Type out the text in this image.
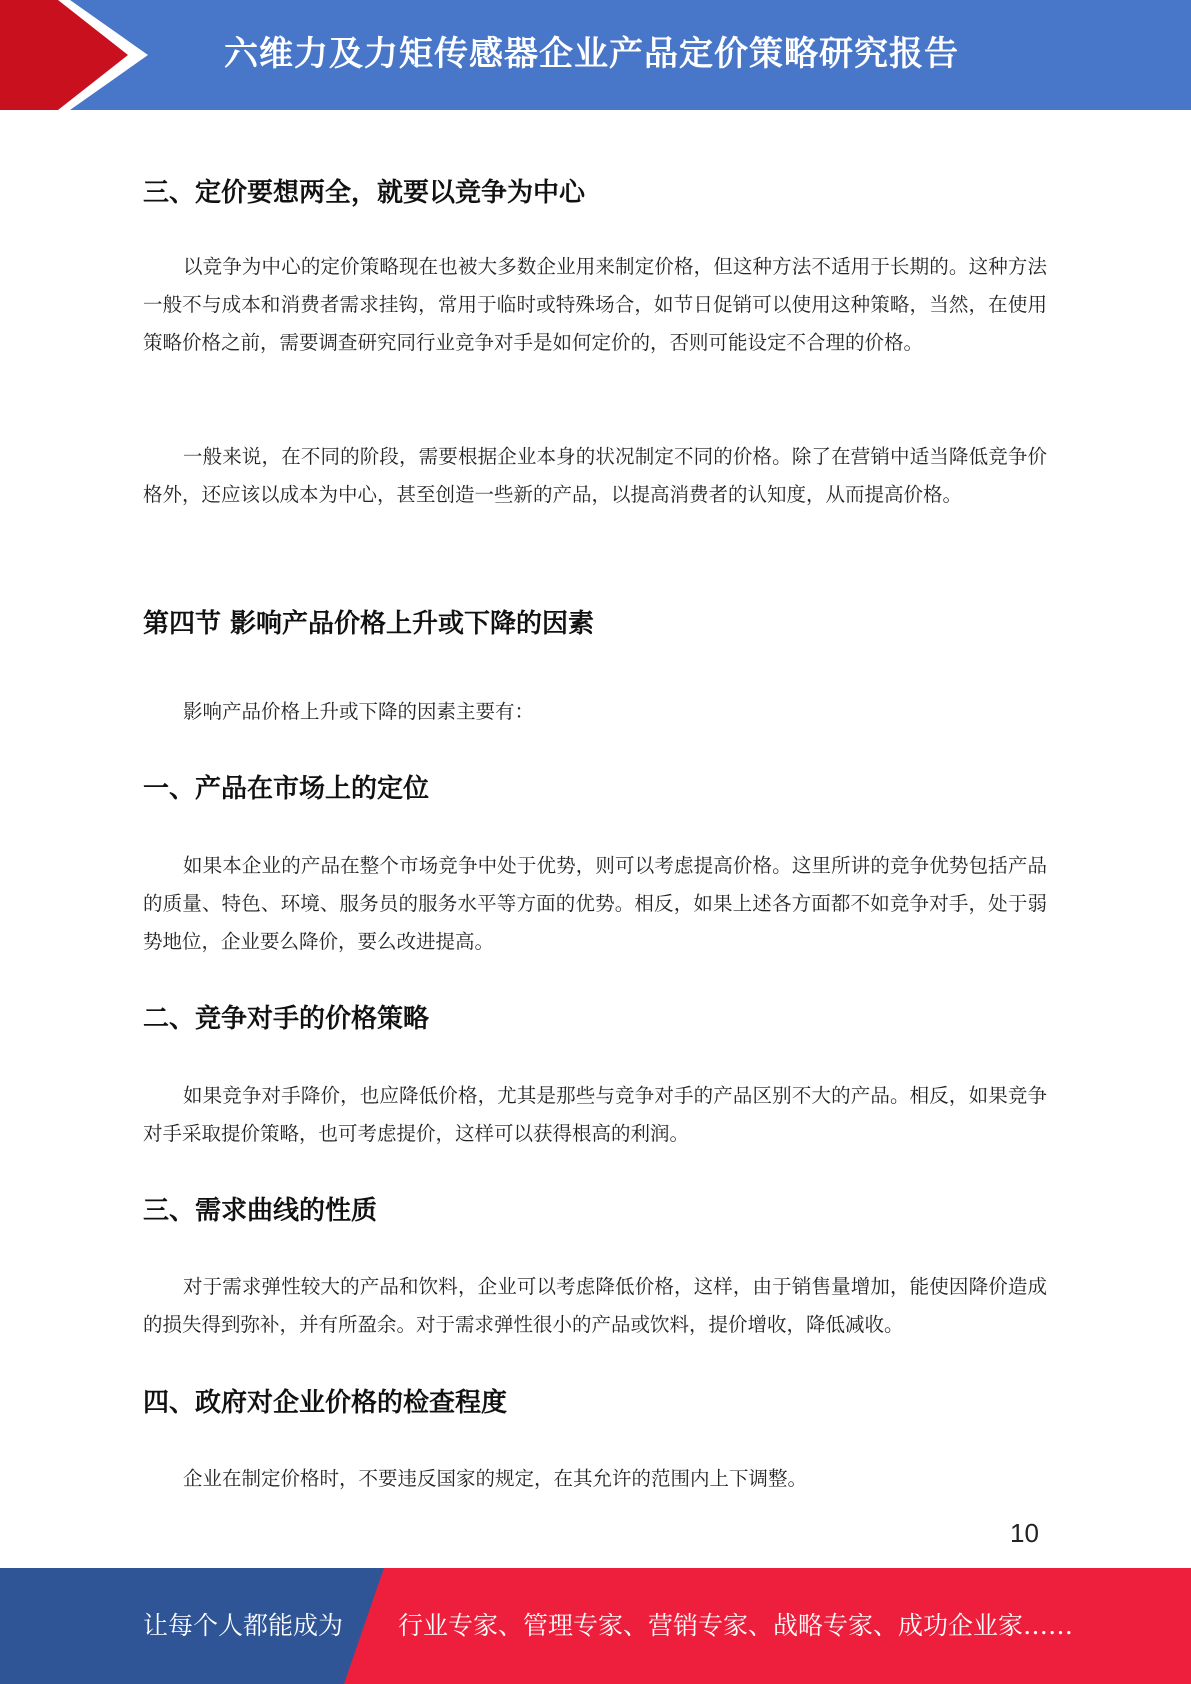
六维力及力矩传感器企业产品定价策略研究报告
三、定价要想两全，就要以竞争为中心

以竞争为中心的定价策略现在也被大多数企业用来制定价格，但这种方法不适用于长期的。这种方法一般不与成本和消费者需求挂钩，常用于临时或特殊场合，如节日促销可以使用这种策略，当然，在使用策略价格之前，需要调查研究同行业竞争对手是如何定价的，否则可能设定不合理的价格。

一般来说，在不同的阶段，需要根据企业本身的状况制定不同的价格。除了在营销中适当降低竞争价格外，还应该以成本为中心，甚至创造一些新的产品，以提高消费者的认知度，从而提高价格。

第四节 影响产品价格上升或下降的因素

影响产品价格上升或下降的因素主要有：

一、产品在市场上的定位

如果本企业的产品在整个市场竞争中处于优势，则可以考虑提高价格。这里所讲的竞争优势包括产品的质量、特色、环境、服务员的服务水平等方面的优势。相反，如果上述各方面都不如竞争对手，处于弱势地位，企业要么降价，要么改进提高。

二、竞争对手的价格策略

如果竞争对手降价，也应降低价格，尤其是那些与竞争对手的产品区别不大的产品。相反，如果竞争对手采取提价策略，也可考虑提价，这样可以获得根高的利润。

三、需求曲线的性质

对于需求弹性较大的产品和饮料，企业可以考虑降低价格，这样，由于销售量增加，能使因降价造成的损失得到弥补，并有所盈余。对于需求弹性很小的产品或饮料，提价增收，降低减收。

四、政府对企业价格的检查程度

企业在制定价格时，不要违反国家的规定，在其允许的范围内上下调整。

10
让每个人都能成为 行业专家、管理专家、营销专家、战略专家、成功企业家……
